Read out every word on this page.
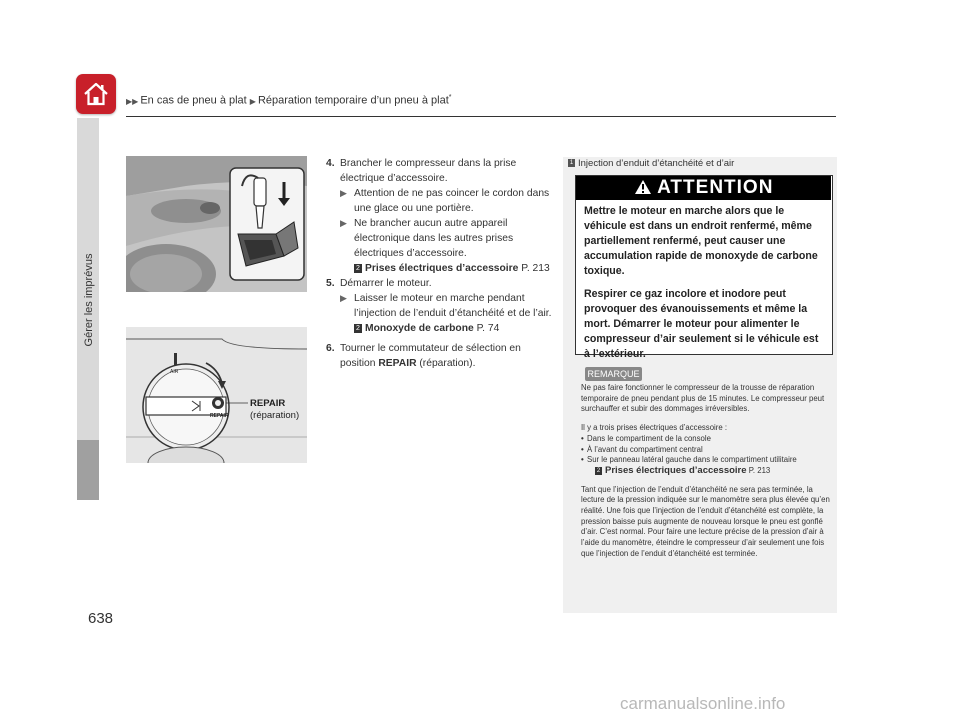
▶▶ En cas de pneu à plat ▶ Réparation temporaire d’un pneu à plat*
Gérer les imprévus
638
AIR
REPAIR
REPAIR
(réparation)
4. Brancher le compresseur dans la prise électrique d’accessoire.
▶ Attention de ne pas coincer le cordon dans une glace ou une portière.
▶ Ne brancher aucun autre appareil électronique dans les autres prises électriques d’accessoire.
2 Prises électriques d’accessoire P. 213
5. Démarrer le moteur.
▶ Laisser le moteur en marche pendant l’injection de l’enduit d’étanchéité et de l’air.
2 Monoxyde de carbone P. 74
6. Tourner le commutateur de sélection en position REPAIR (réparation).
1 Injection d’enduit d’étanchéité et d’air
ATTENTION

Mettre le moteur en marche alors que le véhicule est dans un endroit renfermé, même partiellement renfermé, peut causer une accumulation rapide de monoxyde de carbone toxique.

Respirer ce gaz incolore et inodore peut provoquer des évanouissements et même la mort. Démarrer le moteur pour alimenter le compresseur d’air seulement si le véhicule est à l’extérieur.

REMARQUE

Ne pas faire fonctionner le compresseur de la trousse de réparation temporaire de pneu pendant plus de 15 minutes. Le compresseur peut surchauffer et subir des dommages irréversibles.

Il y a trois prises électriques d’accessoire :
• Dans le compartiment de la console
• À l’avant du compartiment central
• Sur le panneau latéral gauche dans le compartiment utilitaire
2 Prises électriques d’accessoire P. 213

Tant que l’injection de l’enduit d’étanchéité ne sera pas terminée, la lecture de la pression indiquée sur le manomètre sera plus élevée qu’en réalité. Une fois que l’injection de l’enduit d’étanchéité est complète, la pression baisse puis augmente de nouveau lorsque le pneu est gonflé d’air. C’est normal. Pour faire une lecture précise de la pression d’air à l’aide du manomètre, éteindre le compresseur d’air seulement une fois que l’injection de l’enduit d’étanchéité est terminée.

carmanualsonline.info
